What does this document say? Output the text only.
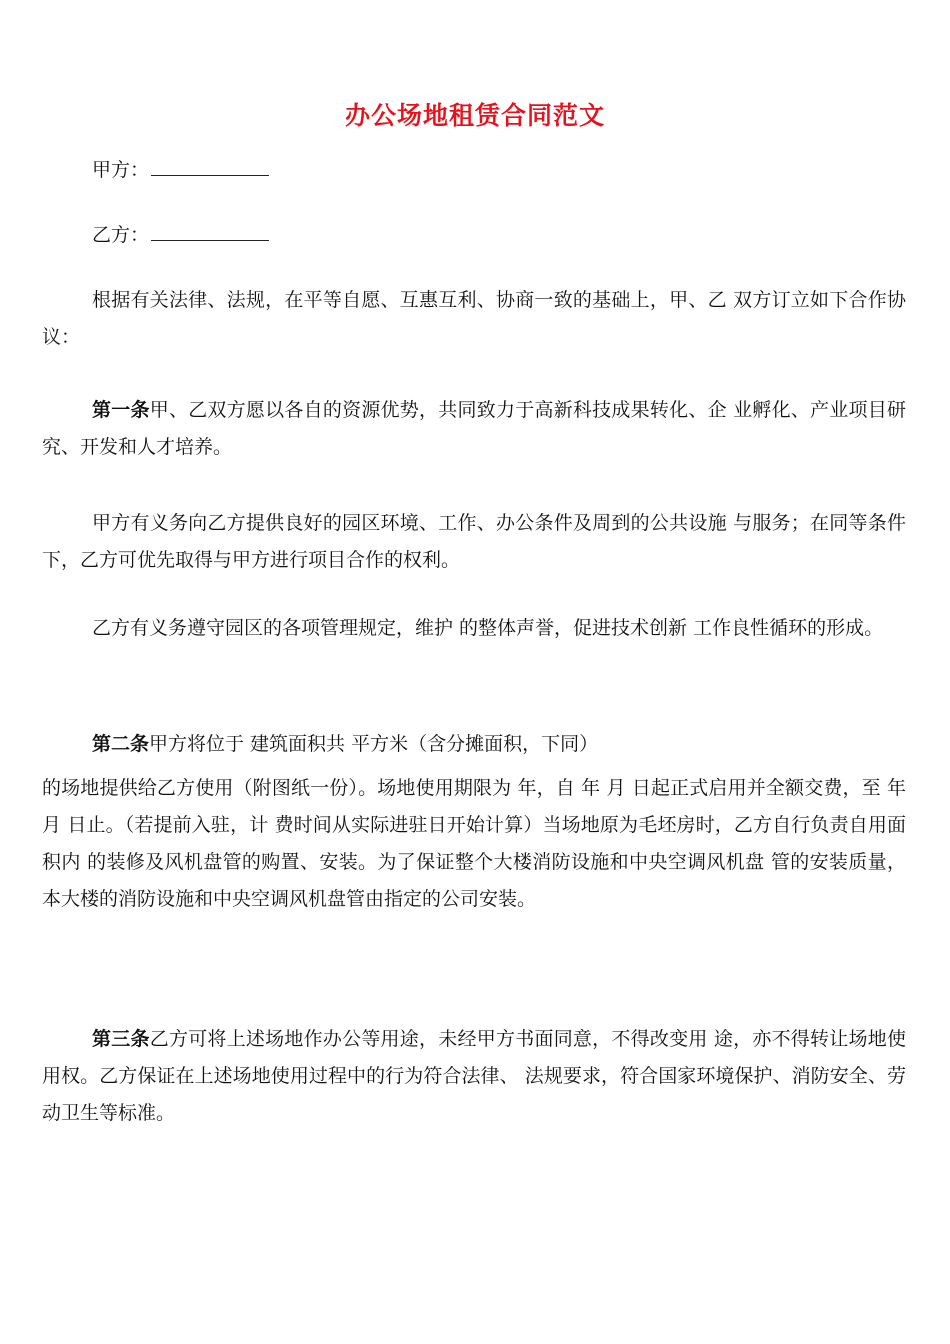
办公场地租赁合同范文
甲方：
乙方：

根据有关法律、法规，在平等自愿、互惠互利、协商一致的基础上，甲、乙 双方订立如下合作协议：

第一条甲、乙双方愿以各自的资源优势，共同致力于高新科技成果转化、企 业孵化、产业项目研究、开发和人才培养。

甲方有义务向乙方提供良好的园区环境、工作、办公条件及周到的公共设施 与服务；在同等条件下，乙方可优先取得与甲方进行项目合作的权利。

乙方有义务遵守园区的各项管理规定，维护 的整体声誉，促进技术创新 工作良性循环的形成。

第二条甲方将位于 建筑面积共 平方米（含分摊面积，下同）

的场地提供给乙方使用（附图纸一份）。场地使用期限为 年，自 年 月 日起正式启用并全额交费，至 年 月 日止。（若提前入驻，计 费时间从实际进驻日开始计算）当场地原为毛坯房时，乙方自行负责自用面积内 的装修及风机盘管的购置、安装。为了保证整个大楼消防设施和中央空调风机盘 管的安装质量，本大楼的消防设施和中央空调风机盘管由指定的公司安装。

第三条乙方可将上述场地作办公等用途，未经甲方书面同意，不得改变用 途，亦不得转让场地使用权。乙方保证在上述场地使用过程中的行为符合法律、 法规要求，符合国家环境保护、消防安全、劳动卫生等标准。
